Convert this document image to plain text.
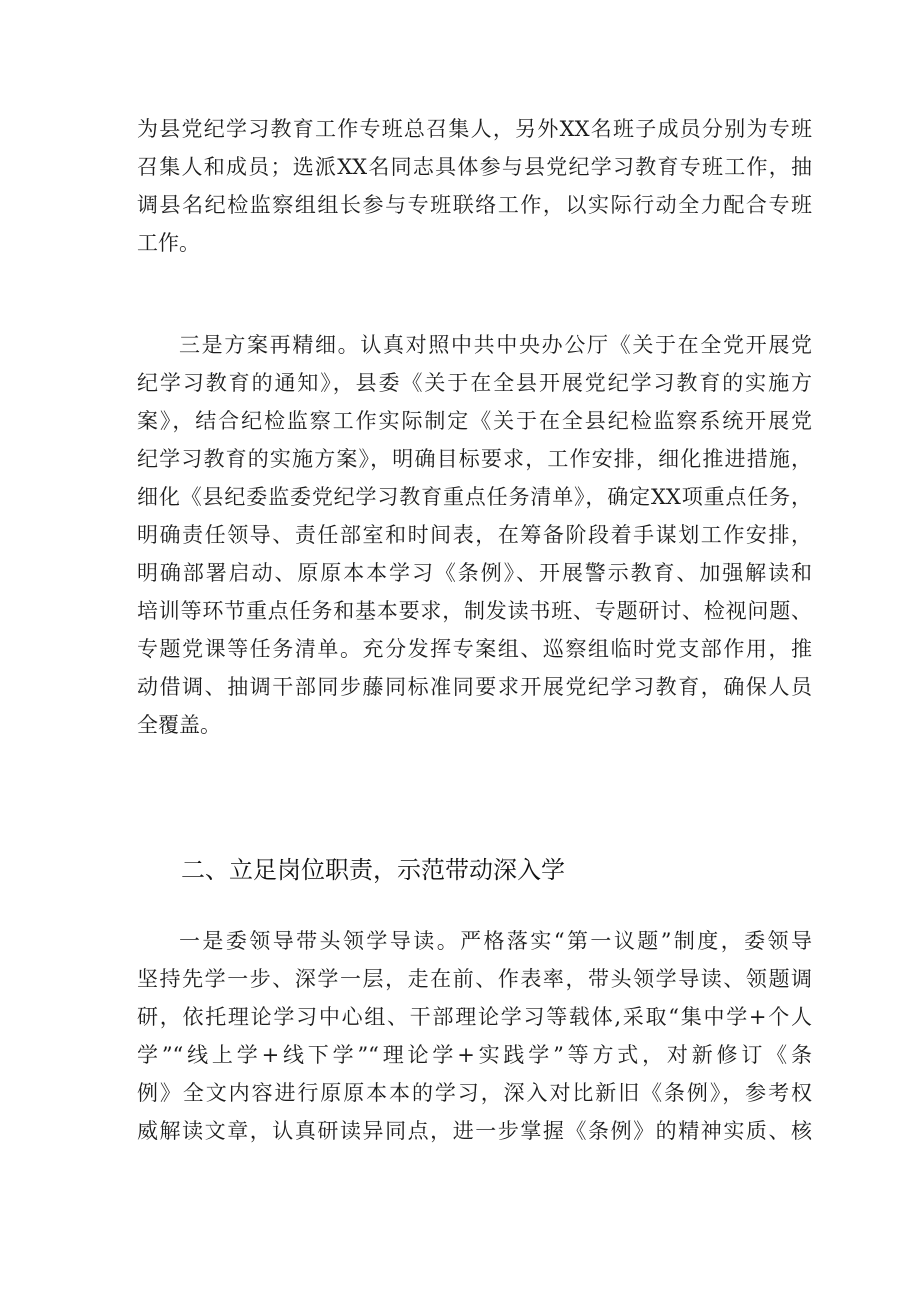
为县党纪学习教育工作专班总召集人，另外XX名班子成员分别为专班
召集人和成员；选派XX名同志具体参与县党纪学习教育专班工作，抽
调县名纪检监察组组长参与专班联络工作，以实际行动全力配合专班
工作。
三是方案再精细。认真对照中共中央办公厅《关于在全党开展党
纪学习教育的通知》，县委《关于在全县开展党纪学习教育的实施方
案》，结合纪检监察工作实际制定《关于在全县纪检监察系统开展党
纪学习教育的实施方案》，明确目标要求，工作安排，细化推进措施，
细化《县纪委监委党纪学习教育重点任务清单》，确定XX项重点任务，
明确责任领导、责任部室和时间表，在筹备阶段着手谋划工作安排，
明确部署启动、原原本本学习《条例》、开展警示教育、加强解读和
培训等环节重点任务和基本要求，制发读书班、专题研讨、检视问题、
专题党课等任务清单。充分发挥专案组、巡察组临时党支部作用，推
动借调、抽调干部同步藤同标准同要求开展党纪学习教育，确保人员
全覆盖。
二、立足岗位职责，示范带动深入学
一是委领导带头领学导读。严格落实“第一议题”制度，委领导
坚持先学一步、深学一层，走在前、作表率，带头领学导读、领题调
研，依托理论学习中心组、干部理论学习等载体,采取“集中学+个人
学”“线上学+线下学”“理论学+实践学”等方式，对新修订《条
例》全文内容进行原原本本的学习，深入对比新旧《条例》，参考权
威解读文章，认真研读异同点，进一步掌握《条例》的精神实质、核
